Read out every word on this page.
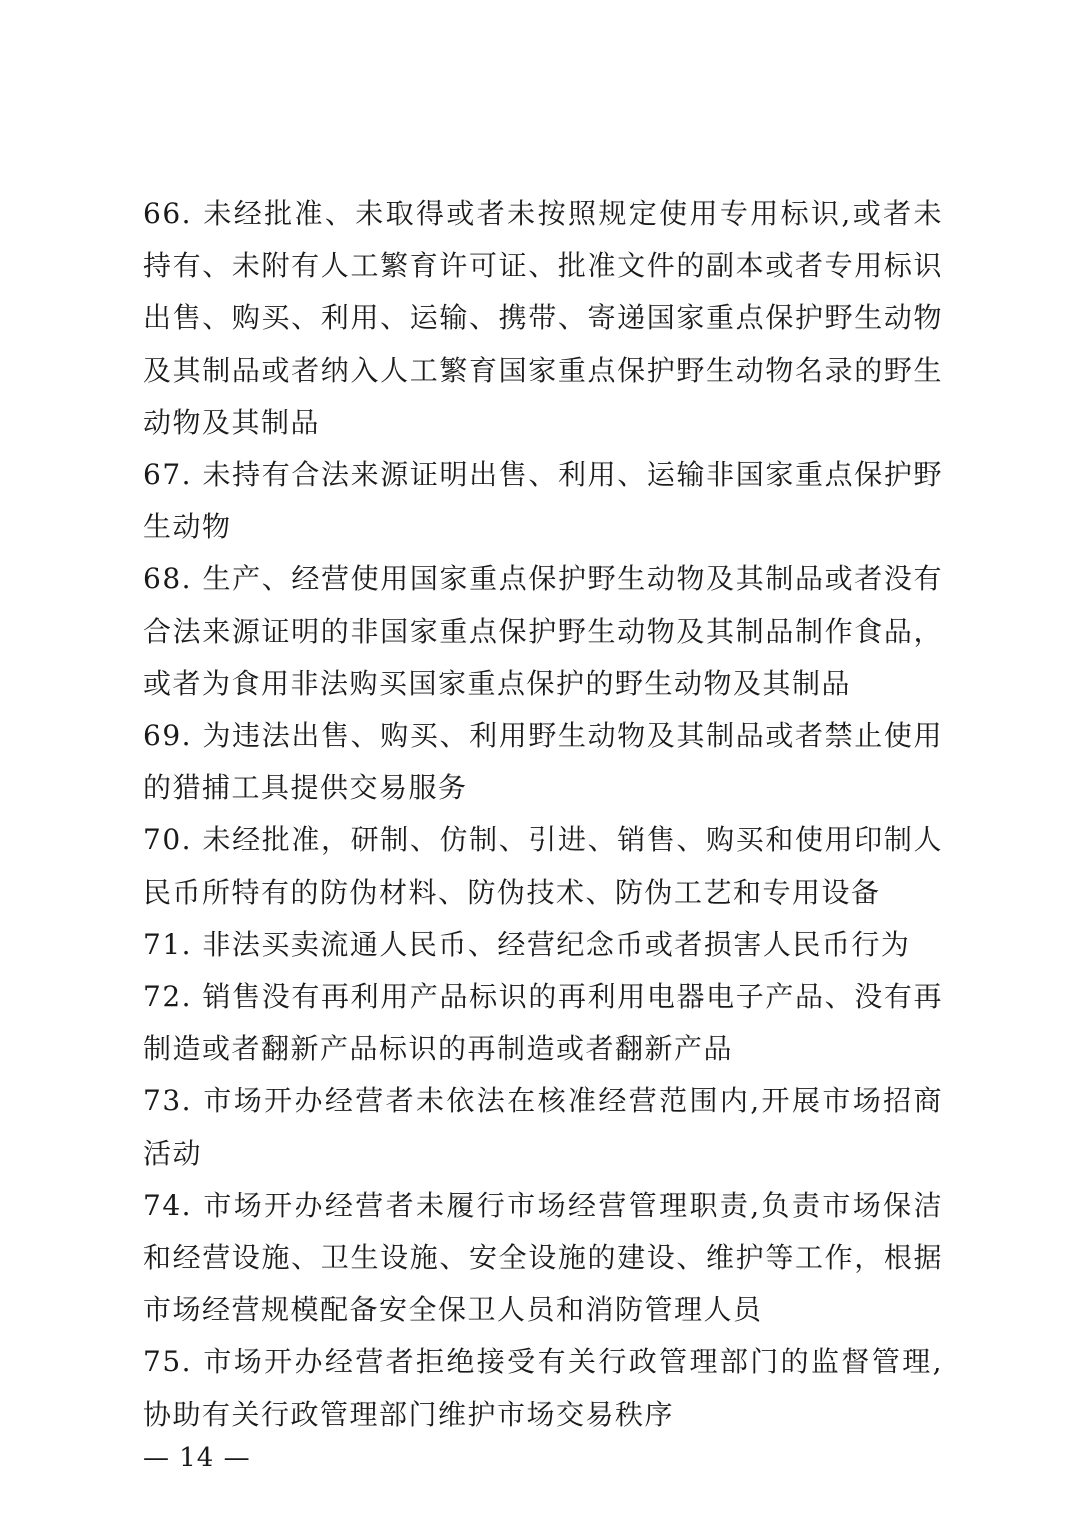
66. 未经批准、未取得或者未按照规定使用专用标识,或者未持有、未附有人工繁育许可证、批准文件的副本或者专用标识出售、购买、利用、运输、携带、寄递国家重点保护野生动物及其制品或者纳入人工繁育国家重点保护野生动物名录的野生动物及其制品

67. 未持有合法来源证明出售、利用、运输非国家重点保护野生动物

68. 生产、经营使用国家重点保护野生动物及其制品或者没有合法来源证明的非国家重点保护野生动物及其制品制作食品，或者为食用非法购买国家重点保护的野生动物及其制品

69. 为违法出售、购买、利用野生动物及其制品或者禁止使用的猎捕工具提供交易服务

70. 未经批准，研制、仿制、引进、销售、购买和使用印制人民币所特有的防伪材料、防伪技术、防伪工艺和专用设备

71. 非法买卖流通人民币、经营纪念币或者损害人民币行为

72. 销售没有再利用产品标识的再利用电器电子产品、没有再制造或者翻新产品标识的再制造或者翻新产品

73. 市场开办经营者未依法在核准经营范围内,开展市场招商活动

74. 市场开办经营者未履行市场经营管理职责,负责市场保洁和经营设施、卫生设施、安全设施的建设、维护等工作，根据市场经营规模配备安全保卫人员和消防管理人员

75. 市场开办经营者拒绝接受有关行政管理部门的监督管理,协助有关行政管理部门维护市场交易秩序

— 14 —
